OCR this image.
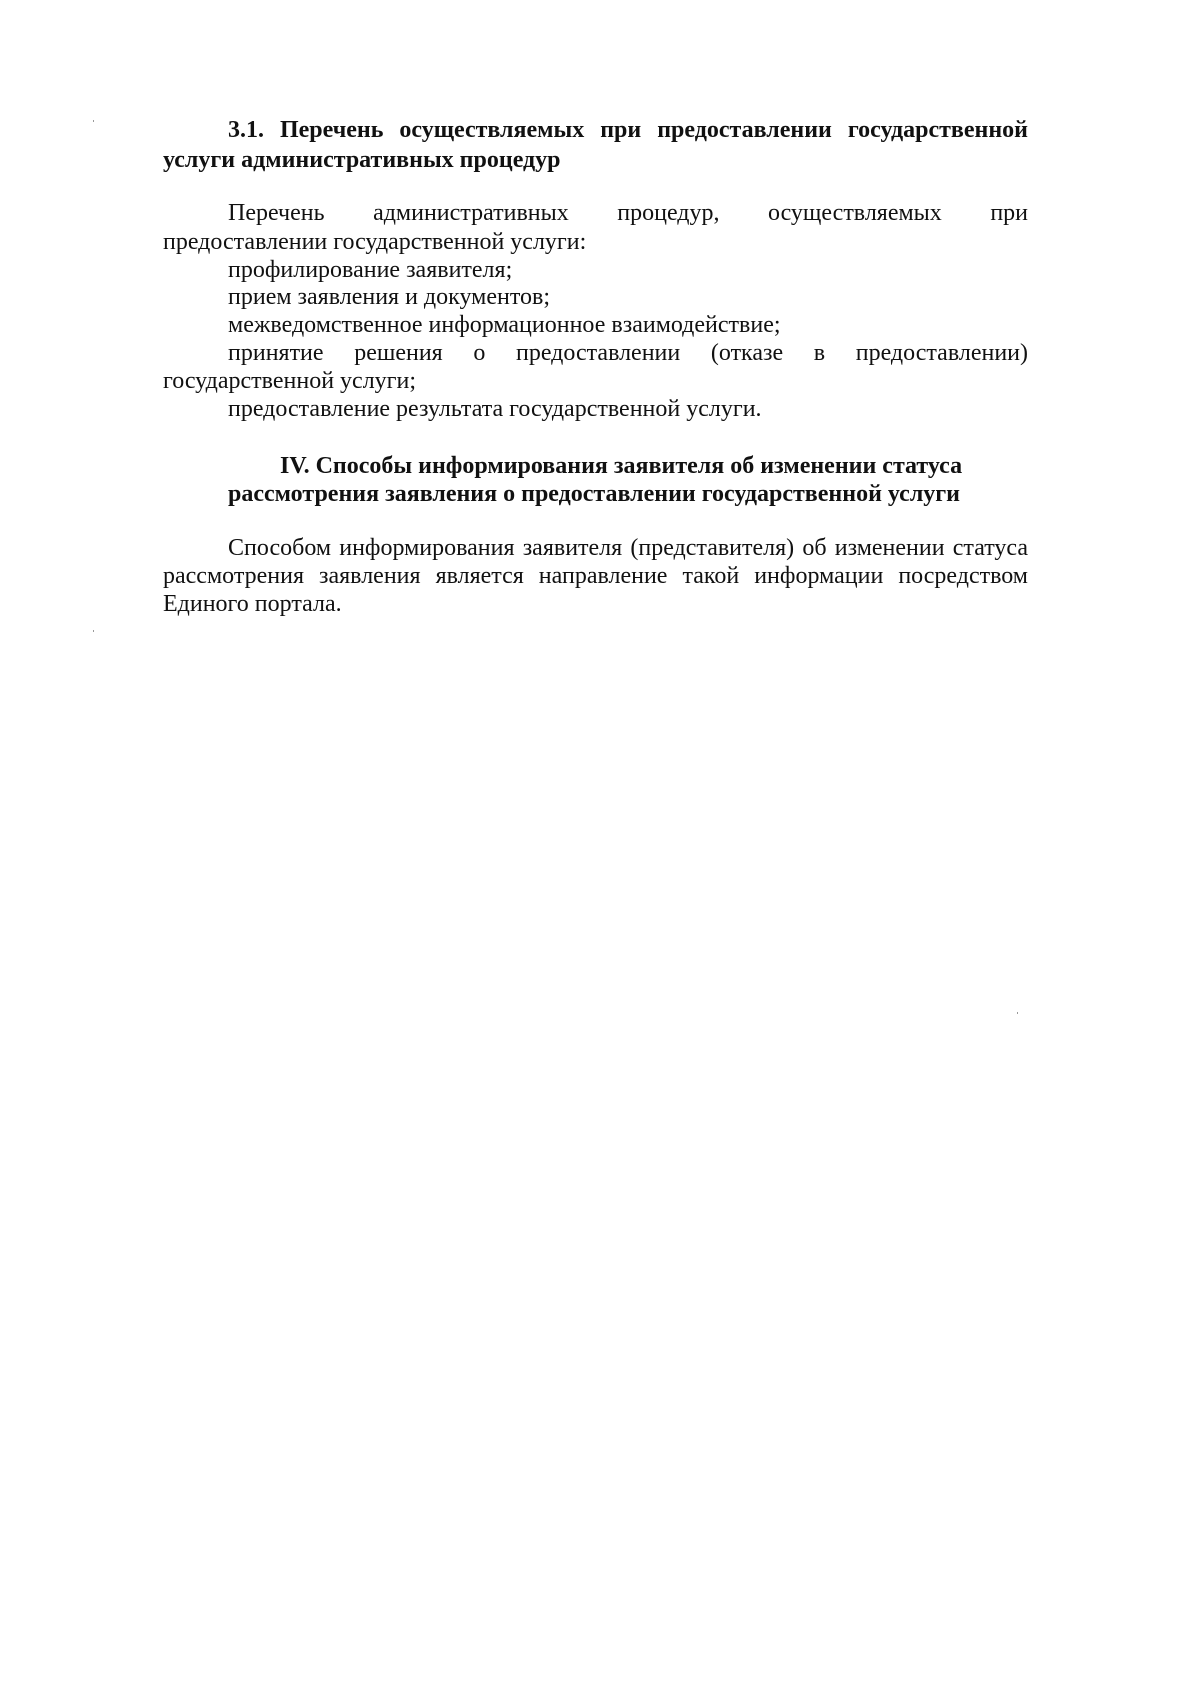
3.1. Перечень осуществляемых при предоставлении государственной
услуги административных процедур
Перечень административных процедур, осуществляемых при
предоставлении государственной услуги:
профилирование заявителя;
прием заявления и документов;
межведомственное информационное взаимодействие;
принятие решения о предоставлении (отказе в предоставлении)
государственной услуги;
предоставление результата государственной услуги.
IV. Способы информирования заявителя об изменении статуса
рассмотрения заявления о предоставлении государственной услуги
Способом информирования заявителя (представителя) об изменении статуса
рассмотрения заявления является направление такой информации посредством
Единого портала.
